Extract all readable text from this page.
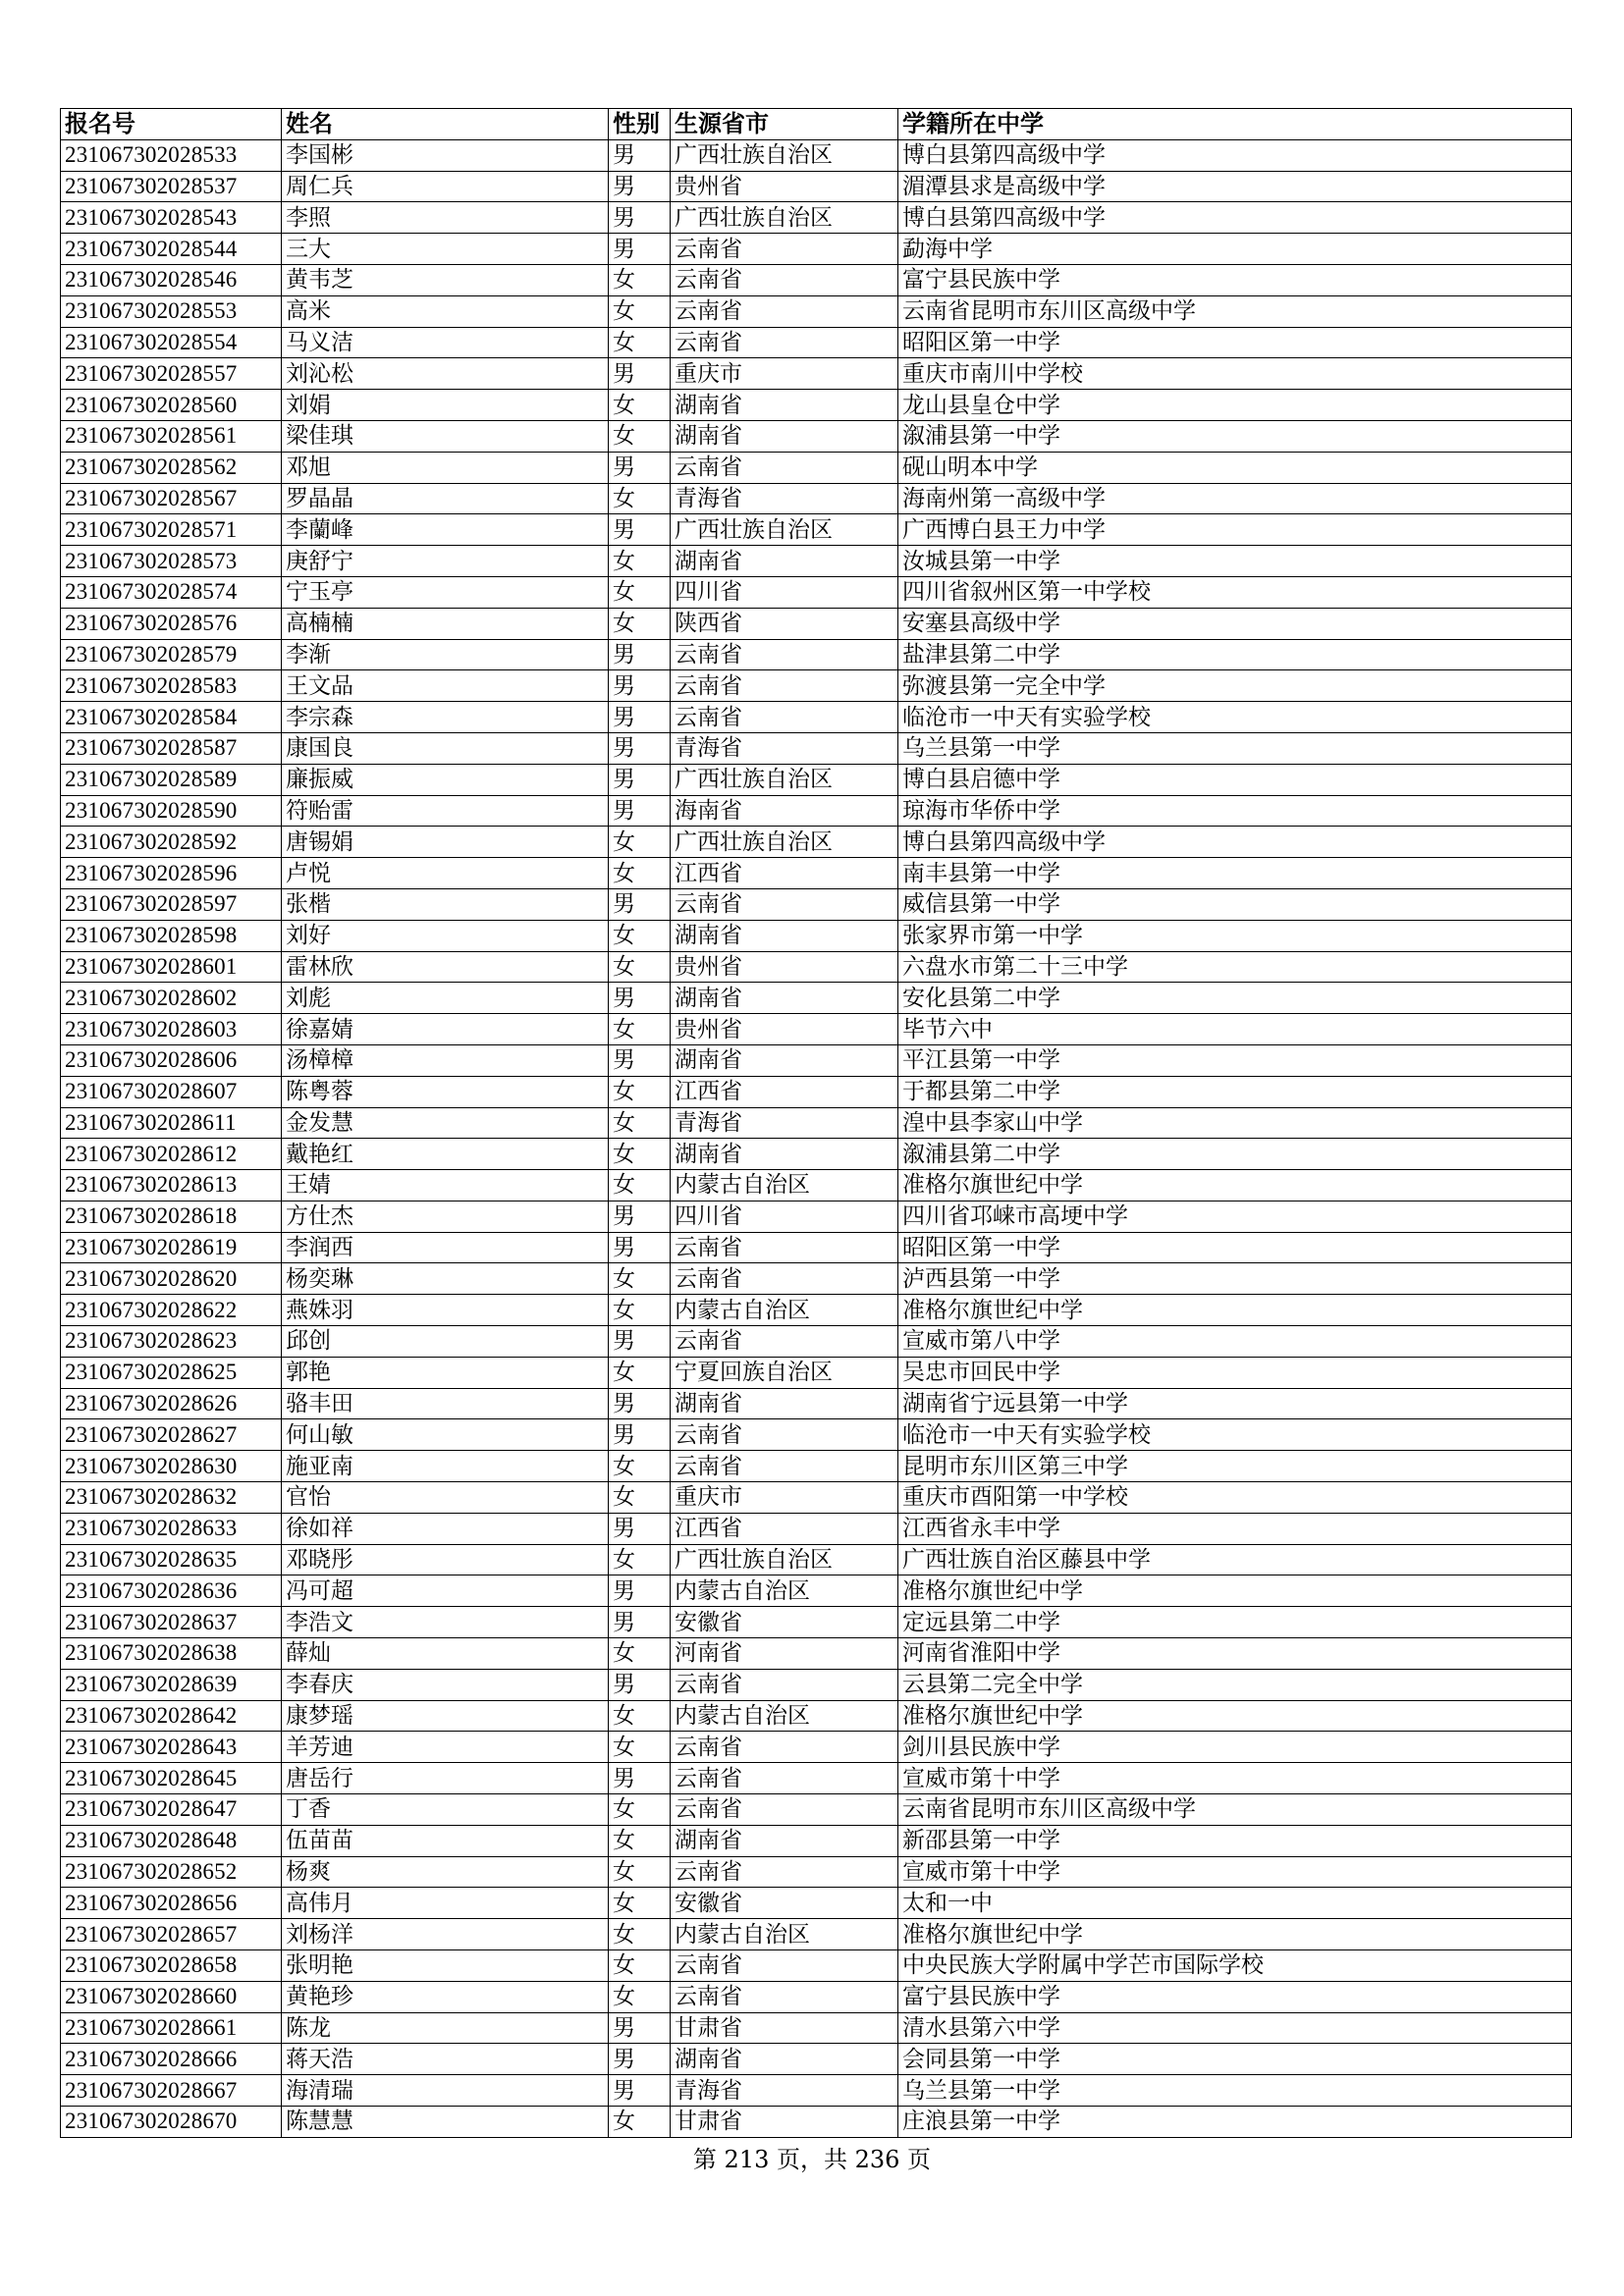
报名号	姓名	性别	生源省市	学籍所在中学
231067302028533	李国彬	男	广西壮族自治区	博白县第四高级中学
231067302028537	周仁兵	男	贵州省	湄潭县求是高级中学
231067302028543	李照	男	广西壮族自治区	博白县第四高级中学
231067302028544	三大	男	云南省	勐海中学
231067302028546	黄韦芝	女	云南省	富宁县民族中学
231067302028553	高米	女	云南省	云南省昆明市东川区高级中学
231067302028554	马义洁	女	云南省	昭阳区第一中学
231067302028557	刘沁松	男	重庆市	重庆市南川中学校
231067302028560	刘娟	女	湖南省	龙山县皇仓中学
231067302028561	梁佳琪	女	湖南省	溆浦县第一中学
231067302028562	邓旭	男	云南省	砚山明本中学
231067302028567	罗晶晶	女	青海省	海南州第一高级中学
231067302028571	李蘭峰	男	广西壮族自治区	广西博白县王力中学
231067302028573	庚舒宁	女	湖南省	汝城县第一中学
231067302028574	宁玉亭	女	四川省	四川省叙州区第一中学校
231067302028576	高楠楠	女	陕西省	安塞县高级中学
231067302028579	李渐	男	云南省	盐津县第二中学
231067302028583	王文品	男	云南省	弥渡县第一完全中学
231067302028584	李宗森	男	云南省	临沧市一中天有实验学校
231067302028587	康国良	男	青海省	乌兰县第一中学
231067302028589	廉振威	男	广西壮族自治区	博白县启德中学
231067302028590	符贻雷	男	海南省	琼海市华侨中学
231067302028592	唐锡娟	女	广西壮族自治区	博白县第四高级中学
231067302028596	卢悦	女	江西省	南丰县第一中学
231067302028597	张楷	男	云南省	威信县第一中学
231067302028598	刘好	女	湖南省	张家界市第一中学
231067302028601	雷林欣	女	贵州省	六盘水市第二十三中学
231067302028602	刘彪	男	湖南省	安化县第二中学
231067302028603	徐嘉婧	女	贵州省	毕节六中
231067302028606	汤樟樟	男	湖南省	平江县第一中学
231067302028607	陈粤蓉	女	江西省	于都县第二中学
231067302028611	金发慧	女	青海省	湟中县李家山中学
231067302028612	戴艳红	女	湖南省	溆浦县第二中学
231067302028613	王婧	女	内蒙古自治区	准格尔旗世纪中学
231067302028618	方仕杰	男	四川省	四川省邛崃市高埂中学
231067302028619	李润西	男	云南省	昭阳区第一中学
231067302028620	杨奕琳	女	云南省	泸西县第一中学
231067302028622	燕姝羽	女	内蒙古自治区	准格尔旗世纪中学
231067302028623	邱创	男	云南省	宣威市第八中学
231067302028625	郭艳	女	宁夏回族自治区	吴忠市回民中学
231067302028626	骆丰田	男	湖南省	湖南省宁远县第一中学
231067302028627	何山敏	男	云南省	临沧市一中天有实验学校
231067302028630	施亚南	女	云南省	昆明市东川区第三中学
231067302028632	官怡	女	重庆市	重庆市酉阳第一中学校
231067302028633	徐如祥	男	江西省	江西省永丰中学
231067302028635	邓晓彤	女	广西壮族自治区	广西壮族自治区藤县中学
231067302028636	冯可超	男	内蒙古自治区	准格尔旗世纪中学
231067302028637	李浩文	男	安徽省	定远县第二中学
231067302028638	薛灿	女	河南省	河南省淮阳中学
231067302028639	李春庆	男	云南省	云县第二完全中学
231067302028642	康梦瑶	女	内蒙古自治区	准格尔旗世纪中学
231067302028643	羊芳迪	女	云南省	剑川县民族中学
231067302028645	唐岳行	男	云南省	宣威市第十中学
231067302028647	丁香	女	云南省	云南省昆明市东川区高级中学
231067302028648	伍苗苗	女	湖南省	新邵县第一中学
231067302028652	杨爽	女	云南省	宣威市第十中学
231067302028656	高伟月	女	安徽省	太和一中
231067302028657	刘杨洋	女	内蒙古自治区	准格尔旗世纪中学
231067302028658	张明艳	女	云南省	中央民族大学附属中学芒市国际学校
231067302028660	黄艳珍	女	云南省	富宁县民族中学
231067302028661	陈龙	男	甘肃省	清水县第六中学
231067302028666	蒋天浩	男	湖南省	会同县第一中学
231067302028667	海清瑞	男	青海省	乌兰县第一中学
231067302028670	陈慧慧	女	甘肃省	庄浪县第一中学
第 213 页，共 236 页
